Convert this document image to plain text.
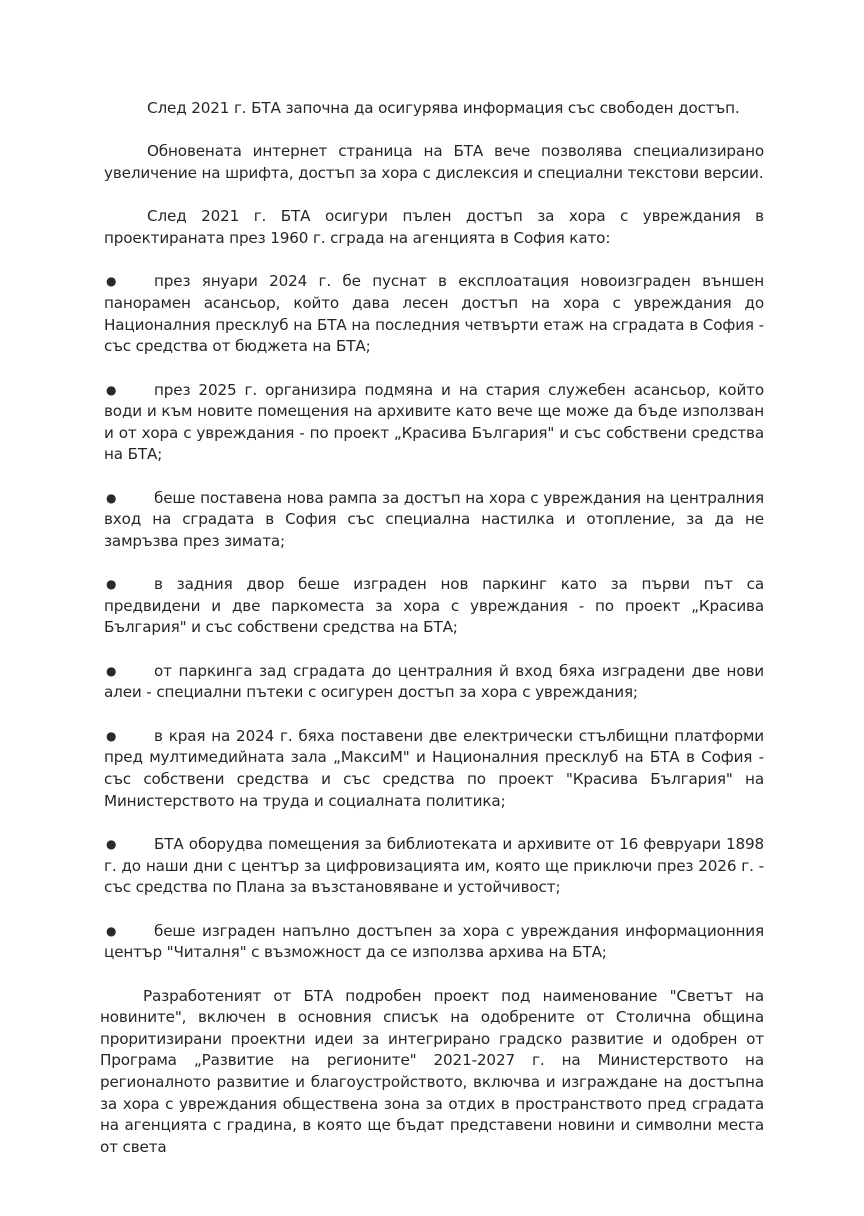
След 2021 г. БТА започна да осигурява информация със свободен достъп.

Обновената интернет страница на БТА вече позволява специализирано увеличение на шрифта, достъп за хора с дислексия и специални текстови версии.

След 2021 г. БТА осигури пълен достъп за хора с увреждания в проектираната през 1960 г. сграда на агенцията в София като:

● през януари 2024 г. бе пуснат в експлоатация новоизграден външен панорамен асансьор, който дава лесен достъп на хора с увреждания до Националния пресклуб на БТА на последния четвърти етаж на сградата в София - със средства от бюджета на БТА;
● през 2025 г. организира подмяна и на стария служебен асансьор, който води и към новите помещения на архивите като вече ще може да бъде използван и от хора с увреждания - по проект „Красива България" и със собствени средства на БТА;
● беше поставена нова рампа за достъп на хора с увреждания на централния вход на сградата в София със специална настилка и отопление, за да не замръзва през зимата;
● в задния двор беше изграден нов паркинг като за първи път са предвидени и две паркоместа за хора с увреждания - по проект „Красива България" и със собствени средства на БТА;
● от паркинга зад сградата до централния й вход бяха изградени две нови алеи - специални пътеки с осигурен достъп за хора с увреждания;
● в края на 2024 г. бяха поставени две електрически стълбищни платформи пред мултимедийната зала „МаксиМ" и Националния пресклуб на БТА в София - със собствени средства и със средства по проект "Красива България" на Министерството на труда и социалната политика;
● БТА оборудва помещения за библиотеката и архивите от 16 февруари 1898 г. до наши дни с център за цифровизацията им, която ще приключи през 2026 г. - със средства по Плана за възстановяване и устойчивост;
● беше изграден напълно достъпен за хора с увреждания информационния център "Читалня" с възможност да се използва архива на БТА;

Разработеният от БТА подробен проект под наименование "Светът на новините", включен в основния списък на одобрените от Столична община проритизирани проектни идеи за интегрирано градско развитие и одобрен от Програма „Развитие на регионите" 2021-2027 г. на Министерството на регионалното развитие и благоустройството, включва и изграждане на достъпна за хора с увреждания обществена зона за отдих в пространството пред сградата на агенцията с градина, в която ще бъдат представени новини и символни места от света
